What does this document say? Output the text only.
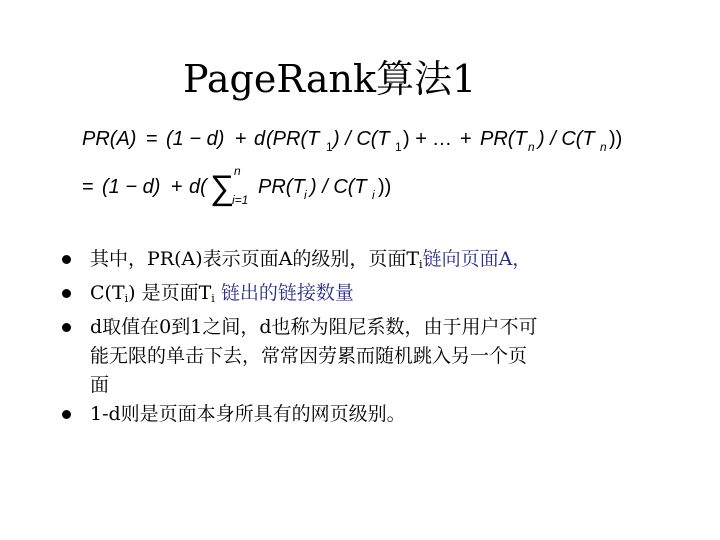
PageRank算法1
PR(A) = (1 − d) + d (PR(T 1 ) / C(T 1 ) + … + PR(T n ) / C(T n ))
= (1 − d) + d( ∑ n
i=1
PR(T i ) / C(T i ))
其中，PR(A)表示页面A的级别，页面$T_i$链向页面A，
$C(T_i)$ 是页面$T_i$ 链出的链接数量
d取值在0到1之间，d也称为阻尼系数，由于用户不可
能无限的单击下去，常常因劳累而随机跳入另一个页
面
1-d则是页面本身所具有的网页级别。
